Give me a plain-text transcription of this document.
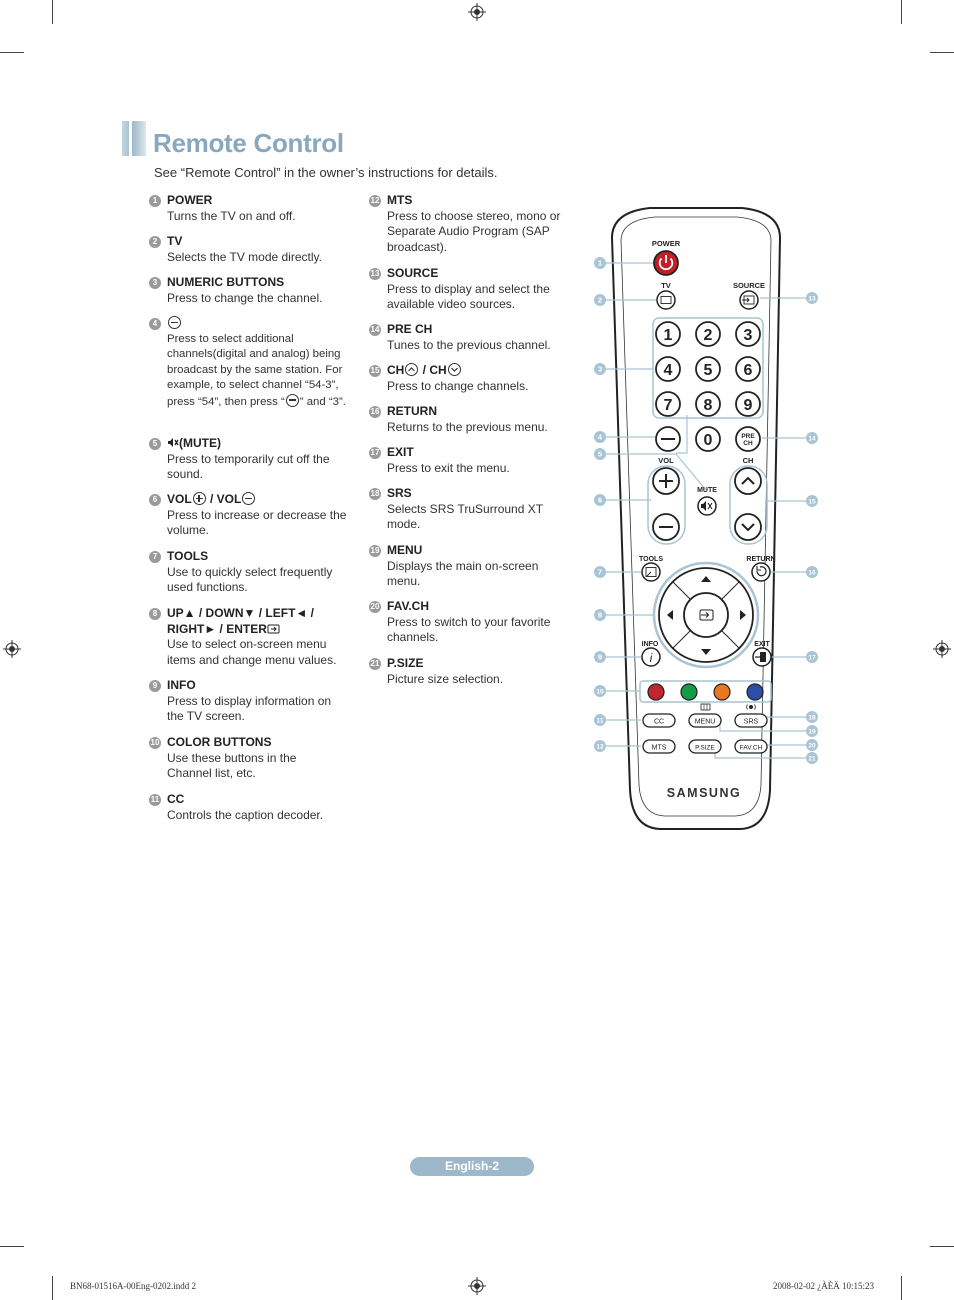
Remote Control
See “Remote Control” in the owner’s instructions for details.
1 POWER
Turns the TV on and off.
2 TV
Selects the TV mode directly.
3 NUMERIC BUTTONS
Press to change the channel.
4
Press to select additional channels(digital and analog) being broadcast by the same station. For example, to select channel “54-3”, press “54”, then press “ ” and “3”.
5	(MUTE)
Press to temporarily cut off the sound.
6 VOL
/ VOL
Press to increase or decrease the volume.
7 TOOLS
Use to quickly select frequently used functions.
8 UP▲ / DOWN▼ / LEFT◄ / RIGHT► / ENTER
Use to select on-screen menu items and change menu values.
9 INFO
Press to display information on the TV screen.
10 COLOR BUTTONS
Use these buttons in the Channel list, etc.
11 CC
Controls the caption decoder.
12 MTS
Press to choose stereo, mono or Separate Audio Program (SAP broadcast).
13 SOURCE
Press to display and select the available video sources.
14 PRE CH
Tunes to the previous channel.
15 CH
/ CH
Press to change channels.
16 RETURN
Returns to the previous menu.
17 EXIT
Press to exit the menu.
18 SRS
Selects SRS TruSurround XT mode.
19 MENU
Displays the main on-screen menu.
20 FAV.CH
Press to switch to your favorite channels.
21 P.SIZE
Picture size selection.
POWER
TV	SOURCE
1 2 3
4 5 6
7 8 9
0	PRE
CH
VOL
MUTE
CH
TOOLS	RETURN
INFO
i
EXIT
CC	MENU	SRS
MTS	P.SIZE	FAV.CH
SAMSUNG
1
2
3
4
5
6
7
8
9
10
11
12
13
14
15
16
17
18
19
20
21
English-2
BN68-01516A-00Eng-0202.indd 2	2008-02-02 ¿ÀÈÄ 10:15:23
